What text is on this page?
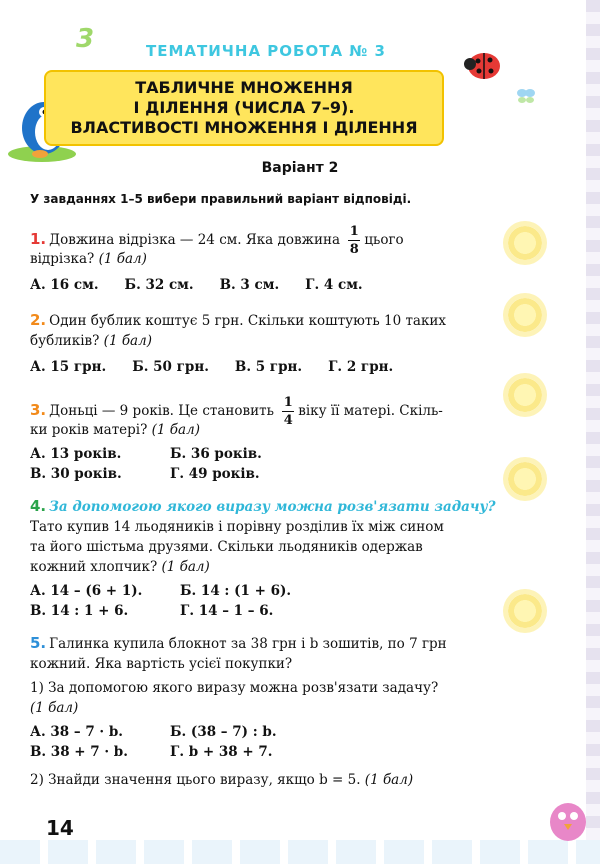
3	ТЕМАТИЧНА РОБОТА № 3
ТАБЛИЧНЕ МНОЖЕННЯ
І ДІЛЕННЯ (ЧИСЛА 7–9).
ВЛАСТИВОСТІ МНОЖЕННЯ І ДІЛЕННЯ
Варіант 2
У завданнях 1–5 вибери правильний варіант відповіді.
1. Довжина відрізка — 24 см. Яка довжина $\frac{1}{8}$ цього
відрізка? (1 бал)
А. 16 см. Б. 32 см. В. 3 см. Г. 4 см.
2. Один бублик коштує 5 грн. Скільки коштують 10 таких
бубликів? (1 бал)
А. 15 грн. Б. 50 грн. В. 5 грн. Г. 2 грн.
3. Доньці — 9 років. Це становить $\frac{1}{4}$ віку її матері. Скіль-
ки років матері? (1 бал)
А. 13 років.	Б. 36 років.
В. 30 років.	Г. 49 років.
4. За допомогою якого виразу можна розв'язати задачу?
Тато купив 14 льодяників і порівну розділив їх між сином
та його шістьма друзями. Скільки льодяників одержав
кожний хлопчик? (1 бал)
А. 14 – (6 + 1).	Б. 14 : (1 + 6).
В. 14 : 1 + 6.	Г. 14 – 1 – 6.
5. Галинка купила блокнот за 38 грн і b зошитів, по 7 грн
кожний. Яка вартість усієї покупки?
1) За допомогою якого виразу можна розв'язати задачу?
(1 бал)
А. 38 – 7 · b.	Б. (38 – 7) : b.
В. 38 + 7 · b.	Г. b + 38 + 7.
2) Знайди значення цього виразу, якщо b = 5. (1 бал)
14
